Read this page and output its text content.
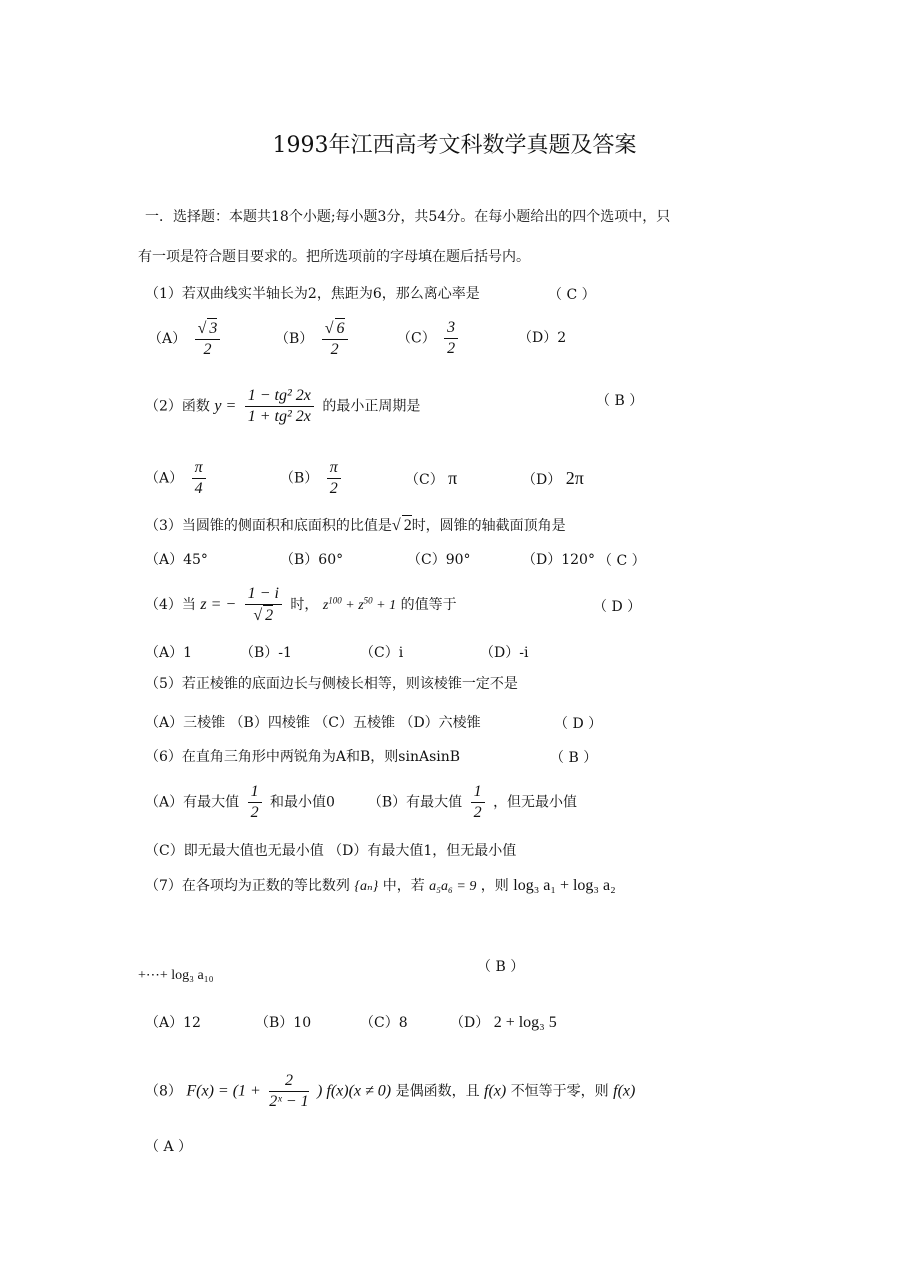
1993年江西高考文科数学真题及答案
一．选择题：本题共18个小题;每小题3分，共54分。在每小题给出的四个选项中，只
有一项是符合题目要求的。把所选项前的字母填在题后括号内。
（1）若双曲线实半轴长为2，焦距为6，那么离心率是	（ C ）
$(A) \frac{√ 3}{2}$	$(B) \frac{√ 6}{2}$	$(C) \frac{3}{2}$	（D）2
（2）函数 $y = \frac{\text{1 − tg² 2x}}{\text{1 + tg² 2x}}$ 的最小正周期是	（ B ）
$(A) \frac{\pi}{4}$	$(B) \frac{\pi}{2}$	（C） π	（D） 2π
（3）当圆锥的侧面积和底面积的比值是√ 2时，圆锥的轴截面顶角是
（A）45°	（B）60°	（C）90°	（D）120° （ C ）
（4）当 z = − $\frac{1 - i}{√ 2}$ 时， $z^{100} + z^{50} + 1$ 的值等于	（ D ）
（A）1	（B）-1	（C）i	（D）-i
（5）若正棱锥的底面边长与侧棱长相等，则该棱锥一定不是
（A）三棱锥 （B）四棱锥 （C）五棱锥 （D）六棱锥	（ D ）
（6）在直角三角形中两锐角为A和B，则sinAsinB	（ B ）
（A）有最大值 $\frac{1}{2}$ 和最小值0 （B）有最大值 $\frac{1}{2}$ ，但无最小值
（C）即无最大值也无最小值 （D）有最大值1，但无最小值
（7）在各项均为正数的等比数列 {aₙ} 中，若 a₅a₆ = 9 ，则 log₃ a₁ + log₃ a₂
+⋯+ log₃ a₁₀
（ B ）
（A）12	（B）10	（C）8	（D） 2 + log₃ 5
（8） $F(x) = (1 + \frac{2}{\text{2ˣ − 1}}$ ) f(x)(x ≠ 0) 是偶函数，且 f(x) 不恒等于零，则 f(x)
（ A ）
